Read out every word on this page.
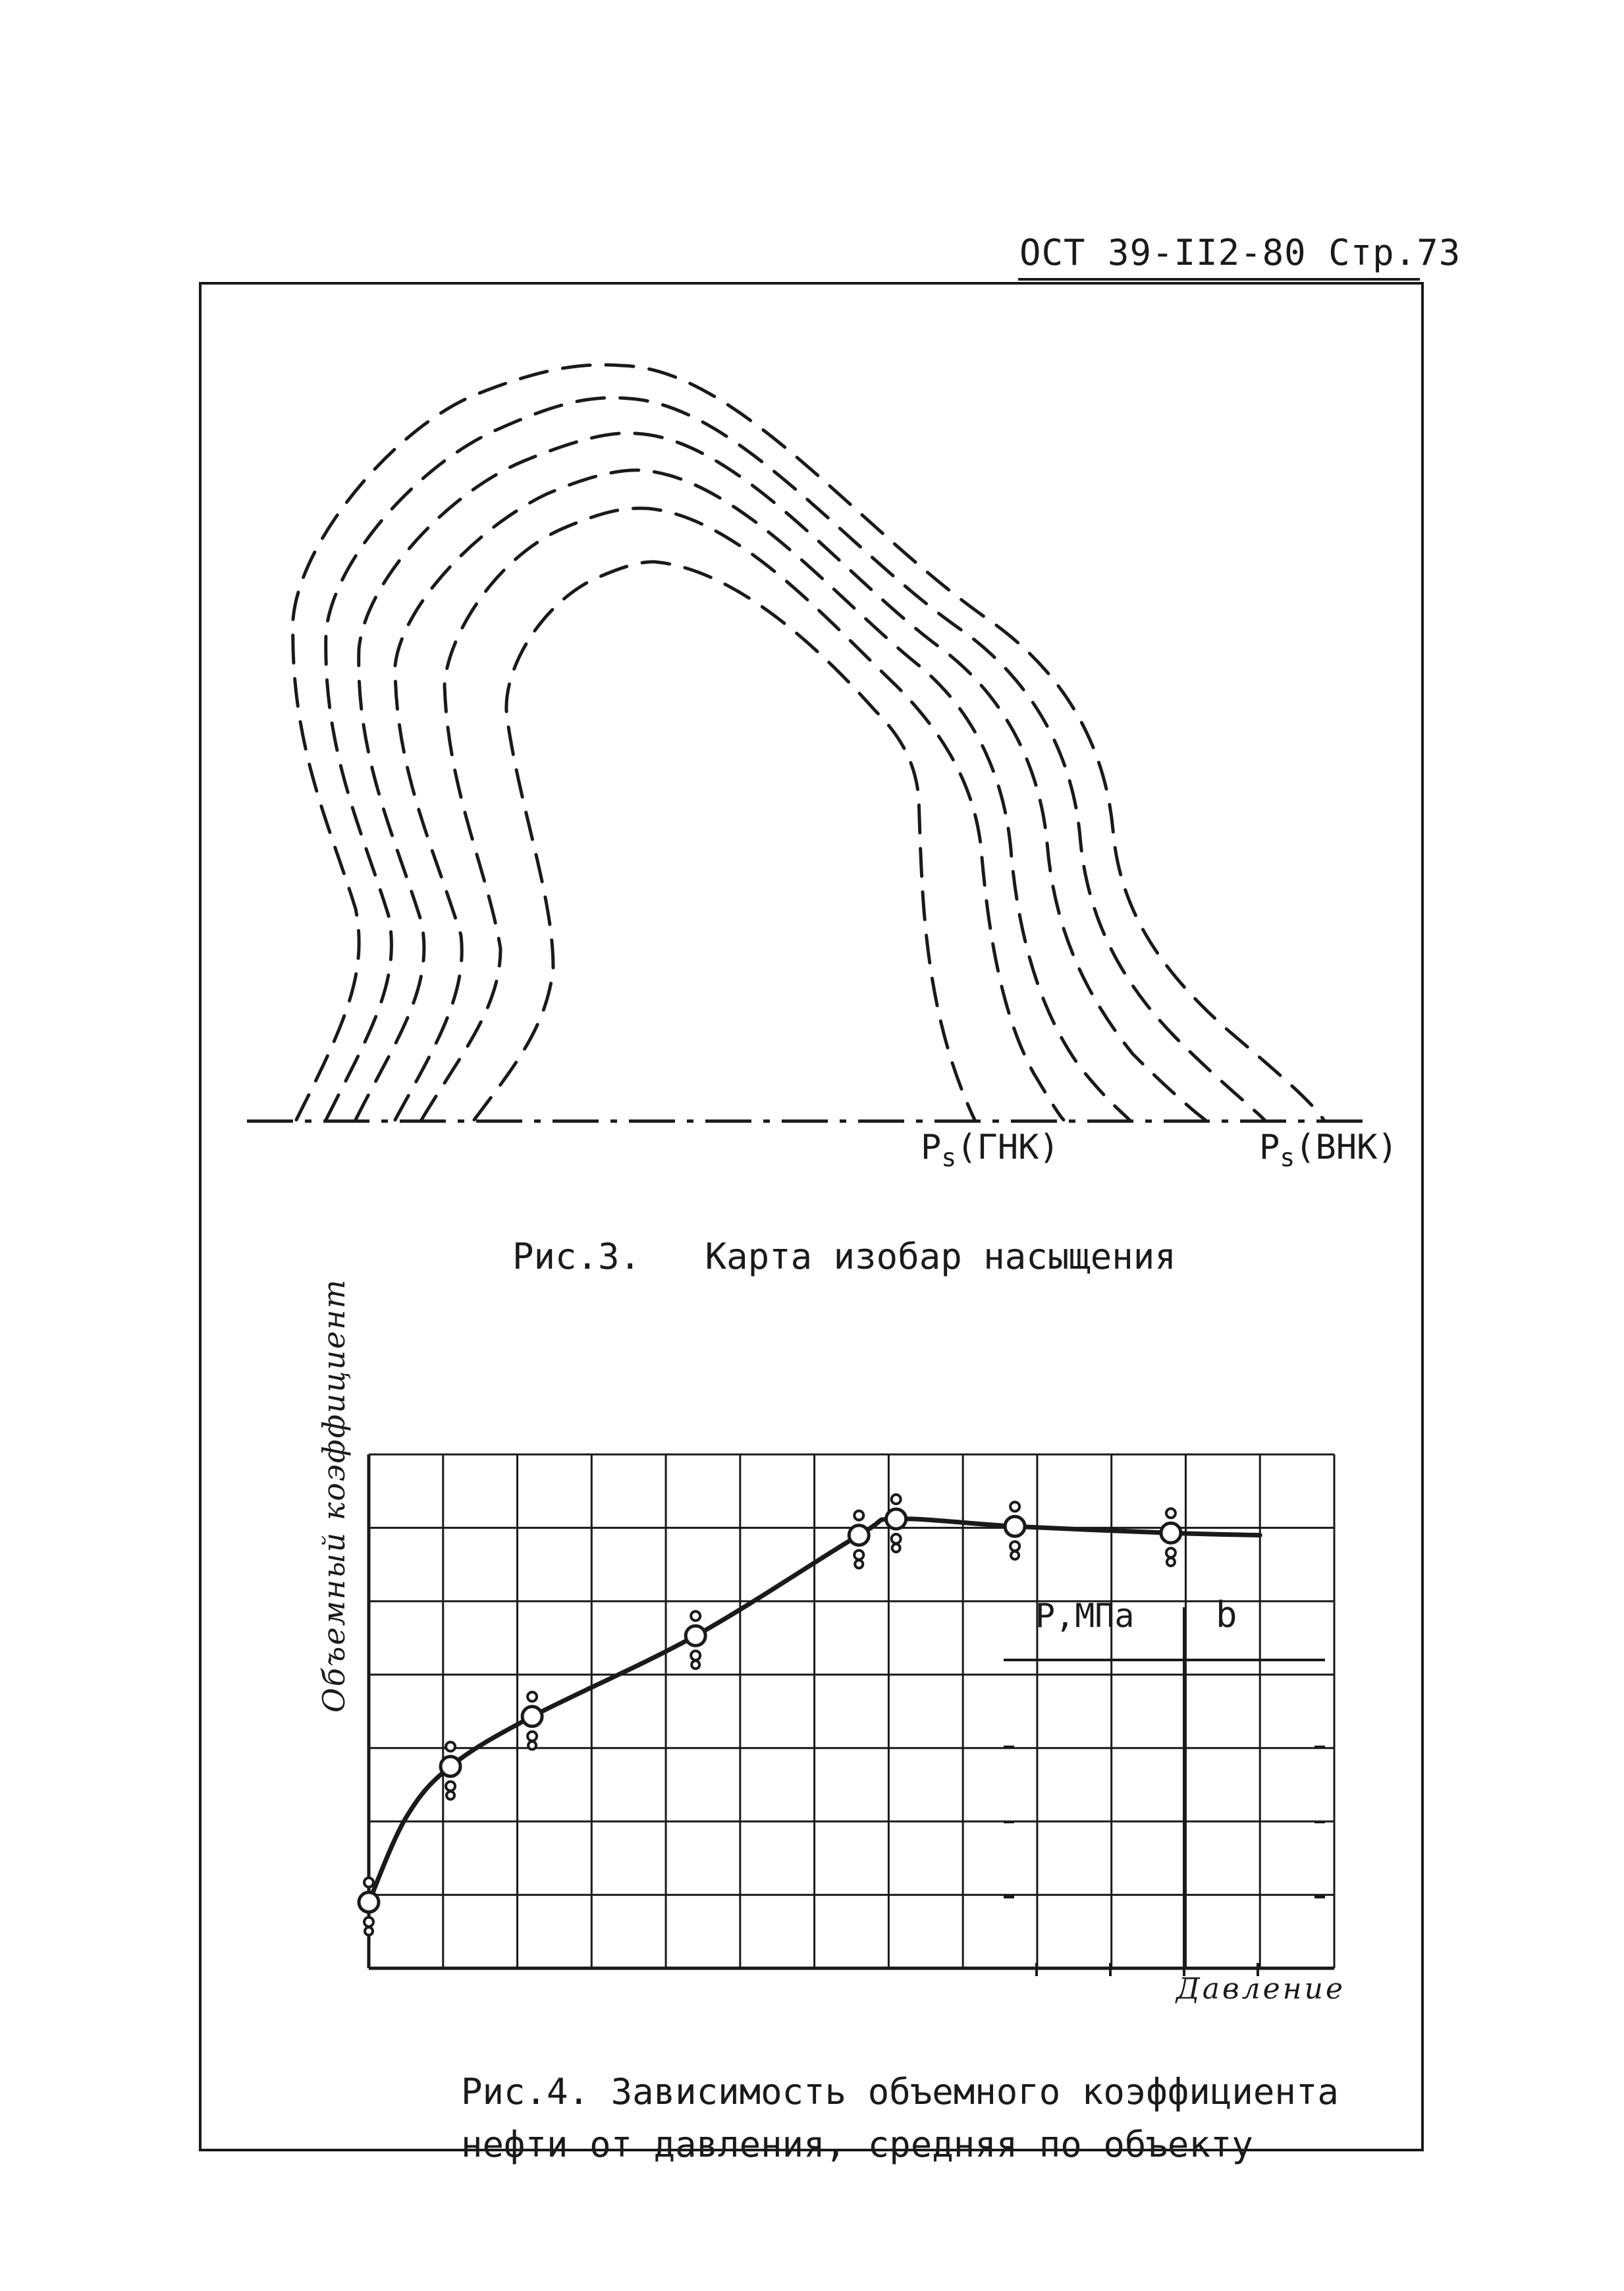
ОСТ 39-II2-80 Стр.73
$P_s(ГНК)$	$P_s(ВНК)$
Рис.3.   Карта изобар насыщения
Объемный коэффициент
Давление
P,МПа b
Рис.4. Зависимость объемного коэффициента
нефти от давления, средняя по объекту
